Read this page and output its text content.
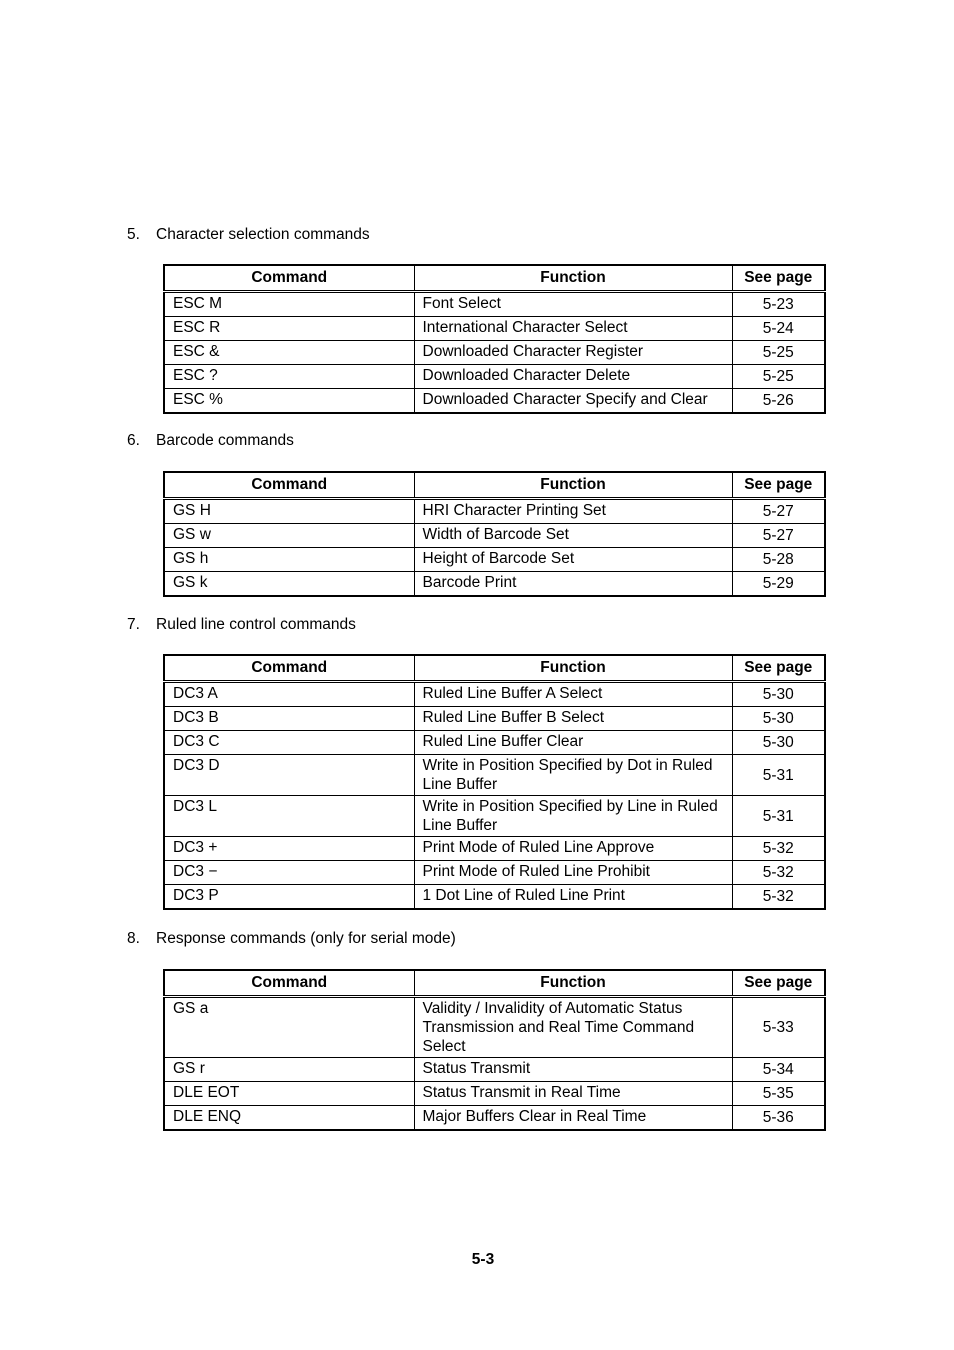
5.	Character selection commands
Command	Function	See page
ESC M	Font Select	5-23
ESC R	International Character Select	5-24
ESC &	Downloaded Character Register	5-25
ESC ?	Downloaded Character Delete	5-25
ESC %	Downloaded Character Specify and Clear	5-26
6.	Barcode commands
Command	Function	See page
GS H	HRI Character Printing Set	5-27
GS w	Width of Barcode Set	5-27
GS h	Height of Barcode Set	5-28
GS k	Barcode Print	5-29
7.	Ruled line control commands
Command	Function	See page
DC3 A	Ruled Line Buffer A Select	5-30
DC3 B	Ruled Line Buffer B Select	5-30
DC3 C	Ruled Line Buffer Clear	5-30
DC3 D	Write in Position Specified by Dot in Ruled Line Buffer	5-31
DC3 L	Write in Position Specified by Line in Ruled Line Buffer	5-31
DC3 +	Print Mode of Ruled Line Approve	5-32
DC3 −	Print Mode of Ruled Line Prohibit	5-32
DC3 P	1 Dot Line of Ruled Line Print	5-32
8.	Response commands (only for serial mode)
Command	Function	See page
GS a	Validity / Invalidity of Automatic Status Transmission and Real Time Command Select	5-33
GS r	Status Transmit	5-34
DLE EOT	Status Transmit in Real Time	5-35
DLE ENQ	Major Buffers Clear in Real Time	5-36
5-3
